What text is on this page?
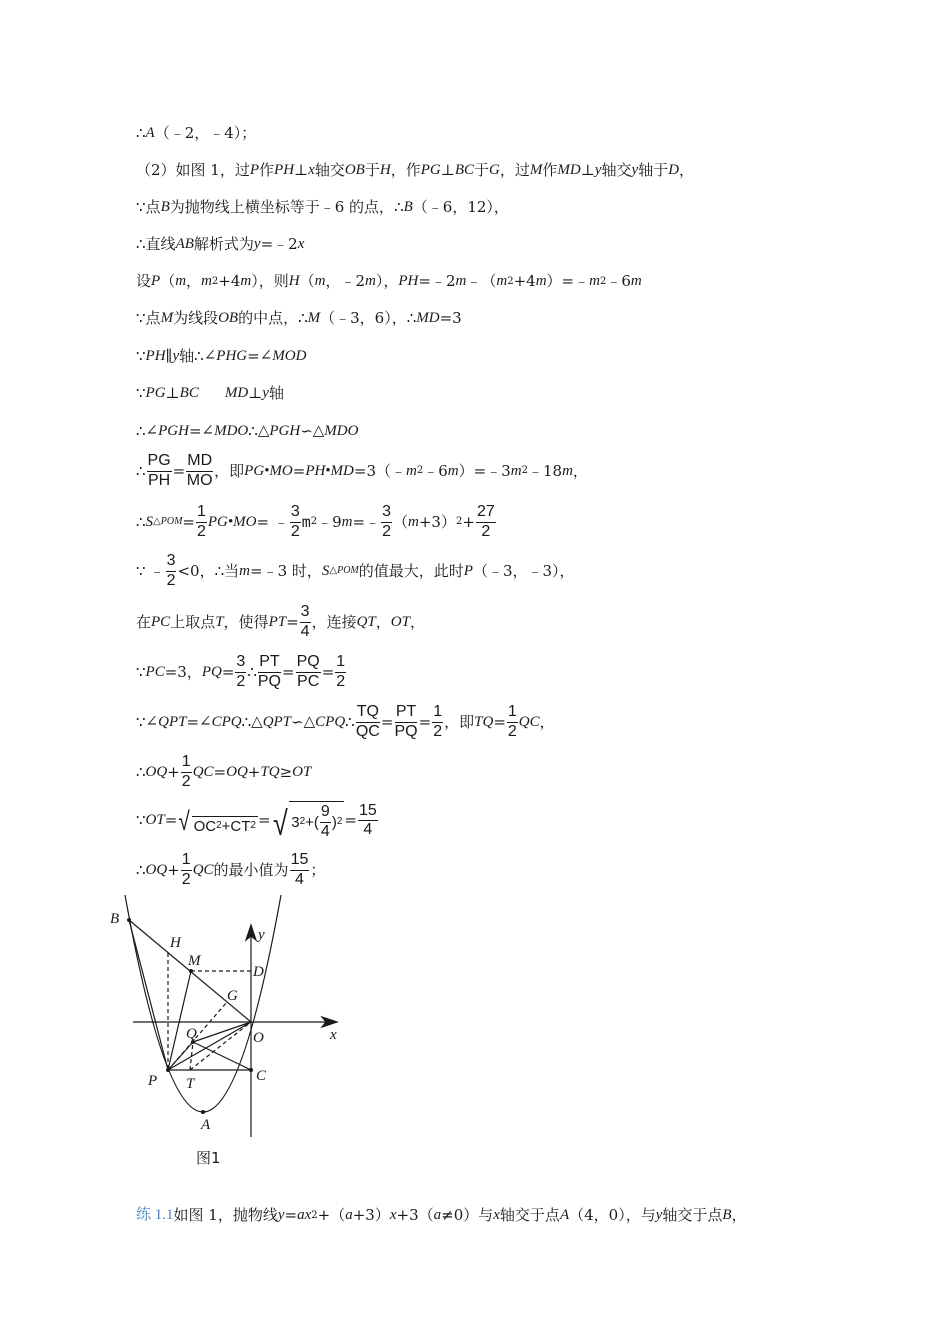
∴ A （﹣2，﹣4）；
（2）如图 1，过 P 作 PH ⊥ x 轴交 OB 于 H ，作 PG ⊥ BC 于 G ，过 M 作 MD ⊥ y 轴交 y 轴于 D ，
∵ 点 B 为抛物线上横坐标等于﹣6 的点， ∴ B （﹣6，12），
∴ 直线 AB 解析式为 y =﹣2 x
设 P （ m ， m 2 +4 m ），则 H （ m ，﹣2 m ）， PH =﹣2 m ﹣（ m 2 +4 m ）=﹣ m 2 ﹣6 m
∵ 点 M 为线段 OB 的中点， ∴ M （﹣3，6）， ∴ MD =3
∵ PH ∥ y 轴 ∴ ∠PHG = ∠MOD
∵ PG ⊥ BC MD ⊥ y 轴
∴ ∠PGH = ∠MDO ∴ △PGH ∽ △MDO
∴ $\frac{PG}{PH} = \frac{MD}{MO}$ ，即 PG•MO = PH•MD =3（﹣ m 2 ﹣6 m ）=﹣3 m 2 ﹣18 m ，
∴ S △POM = $\frac{1}{2}$ PG•MO = ﹣ $\frac{3}{2}$ m 2 ﹣9 m =﹣ $\frac{3}{2}$ （ m +3） $2 + \frac{27}{2}$
∵ ﹣ $\frac{3}{2} <0$， ∴ 当 m =﹣3 时， S △POM 的值最大，此时 P （﹣3，﹣3），
在 PC 上取点 T ，使得 PT = $\frac{3}{4}$ ，连接 QT ， OT ，
∵ PC =3， PQ = $\frac{3}{2}$ ∴ $\frac{PT}{PQ} = \frac{PQ}{PC} = \frac{1}{2}$
∵ ∠QPT = ∠CPQ ∴ △QPT ∽ △CPQ ∴ $\frac{TQ}{QC} = \frac{PT}{PQ} = \frac{1}{2}$ ，即 TQ = $\frac{1}{2}$ QC ，
∴ OQ + $\frac{1}{2}$ QC = OQ + TQ ≥ OT
∵ OT = √ OC 2 + CT 2 = √ 3 2 + ( $\frac{9}{4}$ ) $2 = \frac{15}{4}$
∴ OQ + $\frac{1}{2}$ QC 的最小值为 $\frac{15}{4}$ ；
B
H
M
D
G
O
Q
P T	C
A
x
y
图1
练 1.1 如图 1，抛物线 y = a x 2 +（ a +3） x +3（ a ≠0）与 x 轴交于点 A （4，0），与 y 轴交于点 B ，
